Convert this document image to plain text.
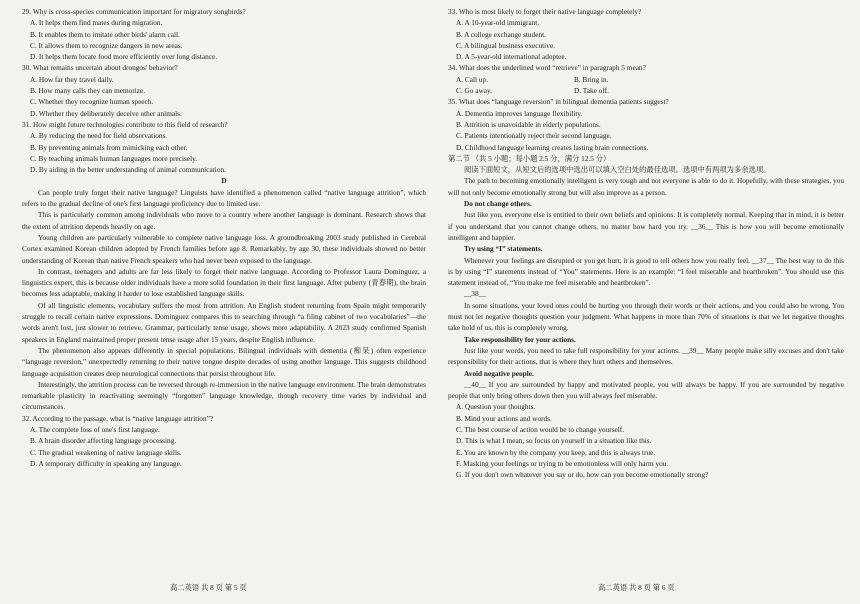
29. Why is cross-species communication important for migratory songbirds?
A. It helps them find mates during migration.
B. It enables them to imitate other birds' alarm call.
C. It allows them to recognize dangers in new areas.
D. It helps them locate food more efficiently over long distance.
30. What remains uncertain about drongos' behavior?
A. How far they travel daily.
B. How many calls they can memorize.
C. Whether they recognize human speech.
D. Whether they deliberately deceive other animals.
31. How might future technologies contribute to this field of research?
A. By reducing the need for field observations.
B. By preventing animals from mimicking each other.
C. By teaching animals human languages more precisely.
D. By aiding in the better understanding of animal communication.
D

Can people truly forget their native language? Linguists have identified a phenomenon called “native language attrition”, which refers to the gradual decline of one's first language proficiency due to limited use.

This is particularly common among individuals who move to a country where another language is dominant. Research shows that the extent of attrition depends heavily on age.

Young children are particularly vulnerable to complete native language loss. A groundbreaking 2003 study published in Cerebral Cortex examined Korean children adopted by French families before age 8. Remarkably, by age 30, these individuals showed no better understanding of Korean than native French speakers who had never been exposed to the language.

In contrast, teenagers and adults are far less likely to forget their native language. According to Professor Laura Dominguez, a linguistics expert, this is because older individuals have a more solid foundation in their first language. After puberty (青春期), the brain becomes less adaptable, making it harder to lose established language skills.

Of all linguistic elements, vocabulary suffers the most from attrition. An English student returning from Spain might temporarily struggle to recall certain native expressions. Dominguez compares this to searching through “a filing cabinet of two vocabularies”—the words aren't lost, just slower to retrieve. Grammar, particularly tense usage, shows more adaptability. A 2023 study confirmed Spanish speakers in England maintained proper present tense usage after 15 years, despite English influence.

The phenomenon also appears differently in special populations. Bilingual individuals with dementia (痴呆) often experience “language reversion,” unexpectedly returning to their native tongue despite decades of using another language. This suggests childhood language acquisition creates deep neurological connections that persist throughout life.

Interestingly, the attrition process can be reversed through re-immersion in the native language environment. The brain demonstrates remarkable plasticity in reactivating seemingly “forgotten” language knowledge, though recovery time varies by individual and circumstances.

32. According to the passage, what is “native language attrition”?
A. The complete loss of one's first language.
B. A brain disorder affecting language processing.
C. The gradual weakening of native language skills.
D. A temporary difficulty in speaking any language.
高二英语 共 8 页 第 5 页
33. Who is most likely to forget their native language completely?
A. A 10-year-old immigrant.
B. A college exchange student.
C. A bilingual business executive.
D. A 5-year-old international adoptee.
34. What does the underlined word “retrieve” in paragraph 5 mean?
A. Call up.	B. Bring in.
C. Go away.	D. Take off.
35. What does “language reversion” in bilingual dementia patients suggest?
A. Dementia improves language flexibility.
B. Attrition is unavoidable in elderly populations.
C. Patients intentionally reject their second language.
D. Childhood language learning creates lasting brain connections.
第二节 （共 5 小题；每小题 2.5 分，满分 12.5 分）

阅读下面短文，从短文后的选项中选出可以填入空白处的最佳选项。选项中有两项为多余选项。

The path to becoming emotionally intelligent is very tough and not everyone is able to do it. Hopefully, with these strategies, you will not only become emotionally strong but will also improve as a person.

Do not change others.

Just like you, everyone else is entitled to their own beliefs and opinions. It is completely normal. Keeping that in mind, it is better if you understand that you cannot change others, no matter how hard you try. __36__ This is how you will become emotionally intelligent and happier.

Try using “I” statements.

Whenever your feelings are disrupted or you get hurt, it is good to tell others how you really feel. __37__ The best way to do this is by using “I” statements instead of “You” statements. Here is an example: “I feel miserable and heartbroken”. You should use this statement instead of, “You make me feel miserable and heartbroken”.

__38__

In some situations, your loved ones could be hurting you through their words or their actions, and you could also be wrong. You must not let negative thoughts question your judgment. What happens in more than 70% of situations is that we let negative thoughts take hold of us, this is completely wrong.

Take responsibility for your actions.

Just like your words, you need to take full responsibility for your actions. __39__ Many people make silly excuses and don't take responsibility for their actions, that is where they hurt others and themselves.

Avoid negative people.

__40__ If you are surrounded by happy and motivated people, you will always be happy. If you are surrounded by negative people that only bring others down then you will always feel miserable.

A. Question your thoughts.
B. Mind your actions and words.
C. The best course of action would be to change yourself.
D. This is what I mean, so focus on yourself in a situation like this.
E. You are known by the company you keep, and this is always true.
F. Masking your feelings or trying to be emotionless will only harm you.
G. If you don't own whatever you say or do, how can you become emotionally strong?
高二英语 共 8 页 第 6 页
